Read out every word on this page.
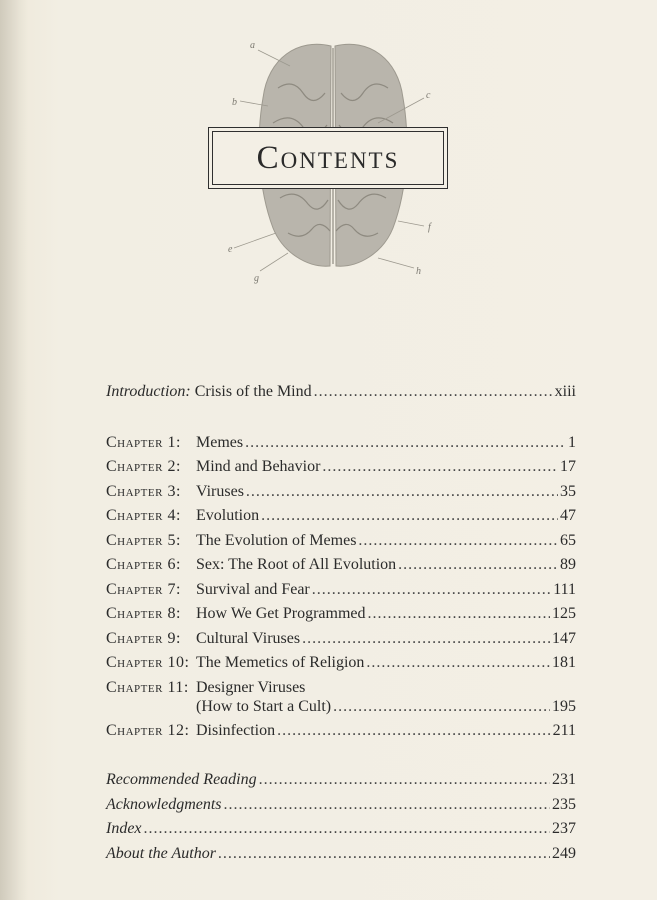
a
b
c
f
e
g
h
Contents
Introduction:
Crisis of the Mind .....	xiii
Chapter 1: Memes .....	1
Chapter 2: Mind and Behavior .....	17
Chapter 3: Viruses .....	35
Chapter 4: Evolution .....	47
Chapter 5: The Evolution of Memes .....	65
Chapter 6: Sex: The Root of All Evolution .....	89
Chapter 7: Survival and Fear .....	111
Chapter 8: How We Get Programmed .....	125
Chapter 9: Cultural Viruses .....	147
Chapter 10: The Memetics of Religion .....	181
Chapter 11: Designer Viruses
(How to Start a Cult) .....	195
Chapter 12: Disinfection .....	211
Recommended Reading .....	231
Acknowledgments .....	235
Index .....	237
About the Author .....	249
